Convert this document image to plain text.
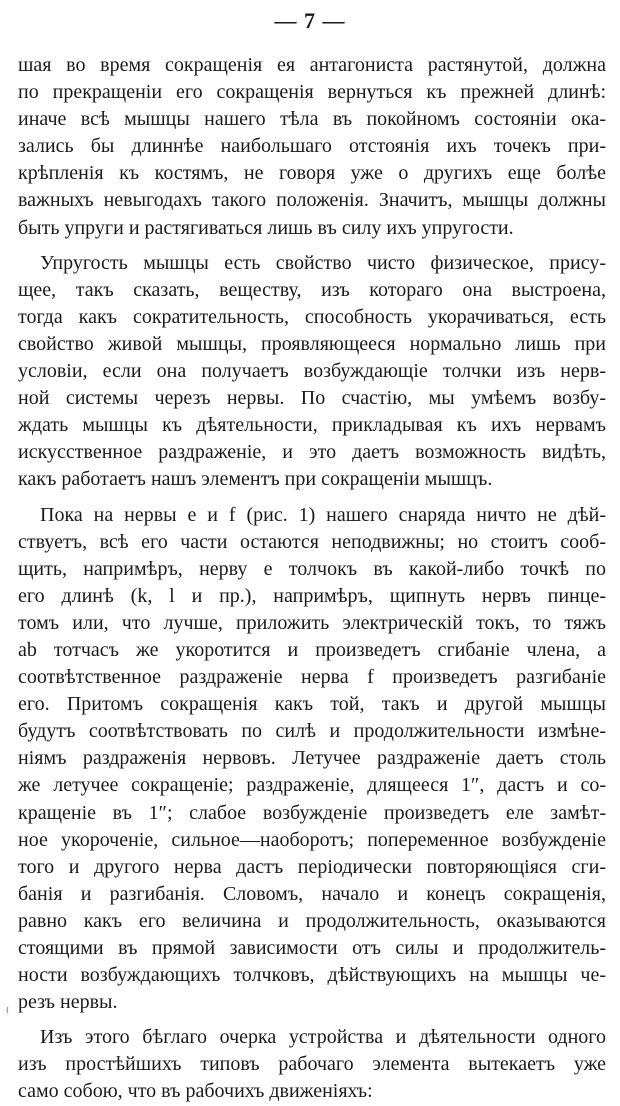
— 7 —
шая во время сокращенія ея антагониста растянутой, должна
по прекращеніи его сокращенія вернуться къ прежней длинѣ:
иначе всѣ мышцы нашего тѣла въ покойномъ состояніи ока-
зались бы длиннѣе наибольшаго отстоянія ихъ точекъ при-
крѣпленія къ костямъ, не говоря уже о другихъ еще болѣе
важныхъ невыгодахъ такого положенія. Значитъ, мышцы должны
быть упруги и растягиваться лишь въ силу ихъ упругости.
Упругость мышцы есть свойство чисто физическое, прису-
щее, такъ сказать, веществу, изъ котораго она выстроена,
тогда какъ сократительность, способность укорачиваться, есть
свойство живой мышцы, проявляющееся нормально лишь при
условіи, если она получаетъ возбуждающіе толчки изъ нерв-
ной системы черезъ нервы. По счастію, мы умѣемъ возбу-
ждать мышцы къ дѣятельности, прикладывая къ ихъ нервамъ
искусственное раздраженіе, и это даетъ возможность видѣть,
какъ работаетъ нашъ элементъ при сокращеніи мышцъ.
Пока на нервы e и f (рис. 1) нашего снаряда ничто не дѣй-
ствуетъ, всѣ его части остаются неподвижны; но стоитъ сооб-
щить, напримѣръ, нерву e толчокъ въ какой-либо точкѣ по
его длинѣ (k, l и пр.), напримѣръ, щипнуть нервъ пинце-
томъ или, что лучше, приложить электрическій токъ, то тяжъ
ab тотчасъ же укоротится и произведетъ сгибаніе члена, а
соотвѣтственное раздраженіе нерва f произведетъ разгибаніе
его. Притомъ сокращенія какъ той, такъ и другой мышцы
будутъ соотвѣтствовать по силѣ и продолжительности измѣне-
ніямъ раздраженія нервовъ. Летучее раздраженіе даетъ столь
же летучее сокращеніе; раздраженіе, длящееся 1″, дастъ и со-
кращеніе въ 1″; слабое возбужденіе произведетъ еле замѣт-
ное укороченіе, сильное—наоборотъ; попеременное возбужденіе
того и другого нерва дастъ періодически повторяющіяся сги-
банія и разгибанія. Словомъ, начало и конецъ сокращенія,
равно какъ его величина и продолжительность, оказываются
стоящими въ прямой зависимости отъ силы и продолжитель-
ности возбуждающихъ толчковъ, дѣйствующихъ на мышцы че-
резъ нервы.
Изъ этого бѣглаго очерка устройства и дѣятельности одного
изъ простѣйшихъ типовъ рабочаго элемента вытекаетъ уже
само собою, что въ рабочихъ движеніяхъ:
⁽
